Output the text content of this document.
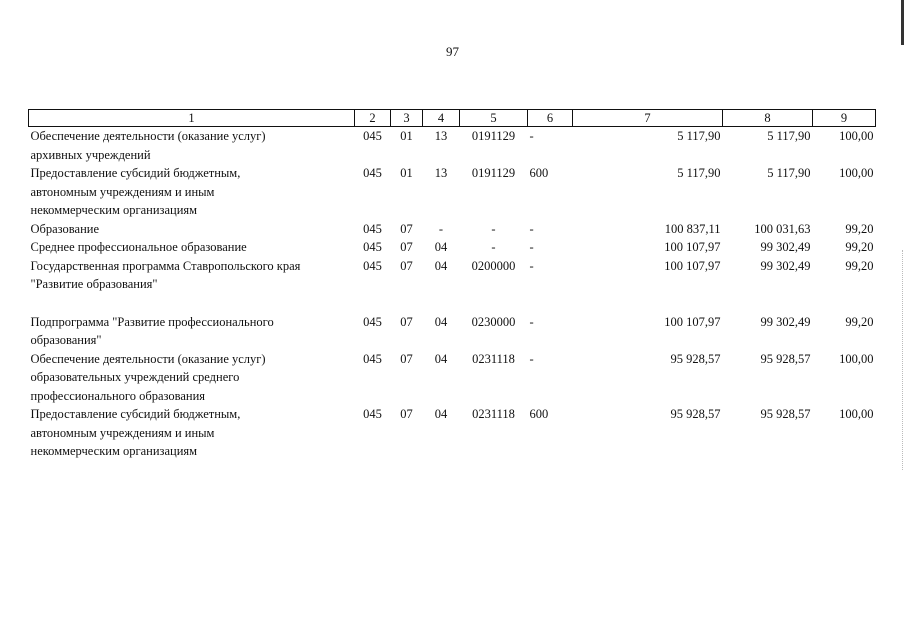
97
1	2	3	4	5	6	7	8	9

Обеспечение деятельности (оказание услуг)
архивных учреждений	045	01	13	0191129	-	5 117,90	5 117,90	100,00

Предоставление субсидий бюджетным,
автономным учреждениям и иным
некоммерческим организациям	045	01	13	0191129	600	5 117,90	5 117,90	100,00

Образование	045	07	-	-	-	100 837,11	100 031,63	99,20

Среднее профессиональное образование	045	07	04	-	-	100 107,97	99 302,49	99,20

Государственная программа Ставропольского края
"Развитие образования"	045	07	04	0200000	-	100 107,97	99 302,49	99,20

Подпрограмма "Развитие профессионального
образования"	045	07	04	0230000	-	100 107,97	99 302,49	99,20

Обеспечение деятельности (оказание услуг)
образовательных учреждений среднего
профессионального образования	045	07	04	0231118	-	95 928,57	95 928,57	100,00

Предоставление субсидий бюджетным,
автономным учреждениям и иным
некоммерческим организациям	045	07	04	0231118	600	95 928,57	95 928,57	100,00
